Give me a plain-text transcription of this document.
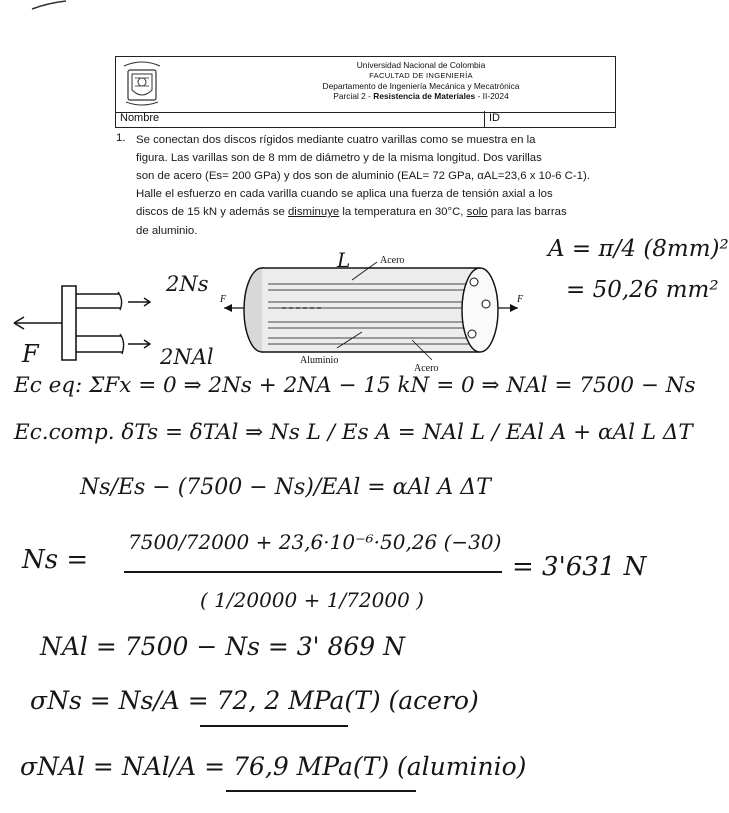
Universidad Nacional de Colombia
FACULTAD DE INGENIERÍA
Departamento de Ingeniería Mecánica y Mecatrónica
Parcial 2 - Resistencia de Materiales - II-2024
Nombre	ID
1. Se conectan dos discos rígidos mediante cuatro varillas como se muestra en la
figura. Las varillas son de 8 mm de diámetro y de la misma longitud. Dos varillas
son de acero (Es= 200 GPa) y dos son de aluminio (EAL= 72 GPa, αAL=23,6 x 10-6 C-1).
Halle el esfuerzo en cada varilla cuando se aplica una fuerza de tensión axial a los
discos de 15 kN y además se disminuye la temperatura en 30°C, solo para las barras
de aluminio.
Acero
Aluminio
Acero
F	F
L
2Ns
2NAl
F
A = π/4 (8mm)²
= 50,26 mm²
Ec eq: ΣFx = 0 ⇒ 2Ns + 2NA − 15 kN = 0 ⇒ NAl = 7500 − Ns
Ec.comp. δTs = δTAl ⇒ Ns L / Es A = NAl L / EAl A + αAl L ΔT
Ns/Es − (7500 − Ns)/EAl = αAl A ΔT
Ns =
7500/72000 + 23,6·10⁻⁶·50,26 (−30)
( 1/20000 + 1/72000 )
= 3'631 N
NAl = 7500 − Ns = 3' 869 N
σNs = Ns/A = 72, 2 MPa(T) (acero)
σNAl = NAl/A = 76,9 MPa(T) (aluminio)
